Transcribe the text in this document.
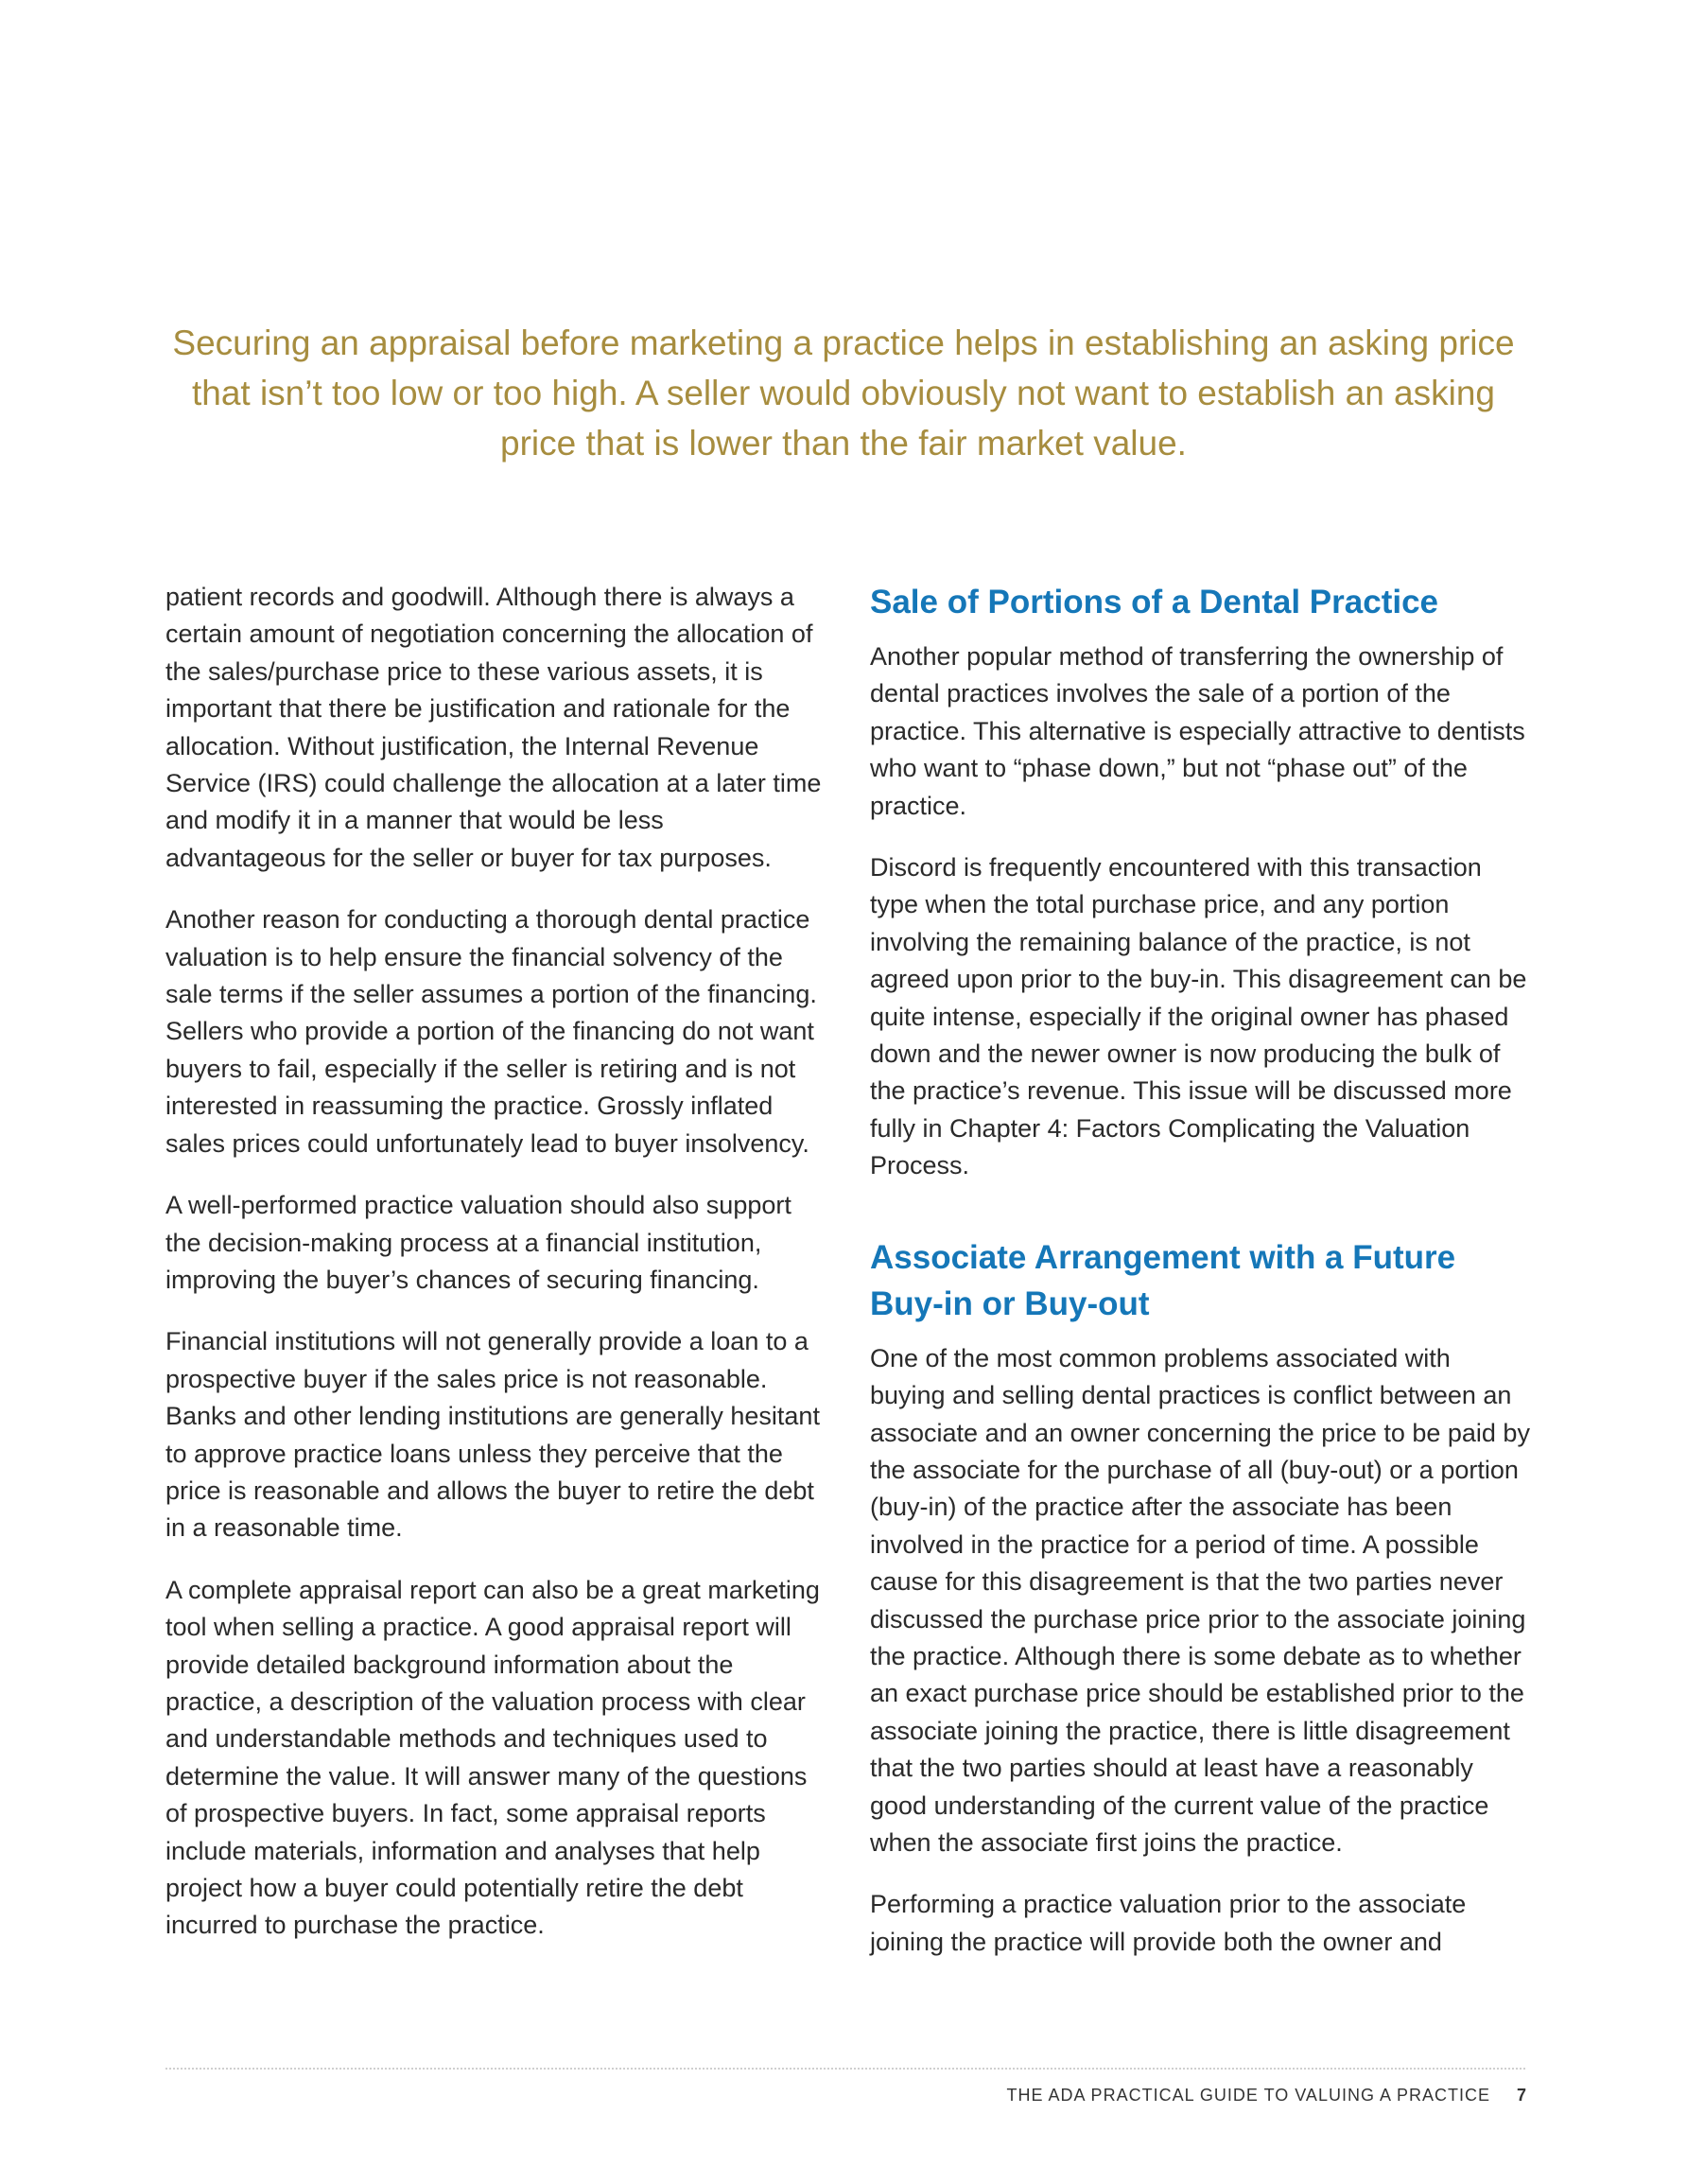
Securing an appraisal before marketing a practice helps in establishing an asking price that isn’t too low or too high. A seller would obviously not want to establish an asking price that is lower than the fair market value.

patient records and goodwill. Although there is always a certain amount of negotiation concerning the allocation of the sales/purchase price to these various assets, it is important that there be justification and rationale for the allocation. Without justification, the Internal Revenue Service (IRS) could challenge the allocation at a later time and modify it in a manner that would be less advantageous for the seller or buyer for tax purposes.

Another reason for conducting a thorough dental practice valuation is to help ensure the financial solvency of the sale terms if the seller assumes a portion of the financing. Sellers who provide a portion of the financing do not want buyers to fail, especially if the seller is retiring and is not interested in reassuming the practice. Grossly inflated sales prices could unfortunately lead to buyer insolvency.

A well-performed practice valuation should also support the decision-making process at a financial institution, improving the buyer’s chances of securing financing.

Financial institutions will not generally provide a loan to a prospective buyer if the sales price is not reasonable. Banks and other lending institutions are generally hesitant to approve practice loans unless they perceive that the price is reasonable and allows the buyer to retire the debt in a reasonable time.

A complete appraisal report can also be a great marketing tool when selling a practice. A good appraisal report will provide detailed background information about the practice, a description of the valuation process with clear and understandable methods and techniques used to determine the value. It will answer many of the questions of prospective buyers. In fact, some appraisal reports include materials, information and analyses that help project how a buyer could potentially retire the debt incurred to purchase the practice.

Sale of Portions of a Dental Practice

Another popular method of transferring the ownership of dental practices involves the sale of a portion of the practice. This alternative is especially attractive to dentists who want to “phase down,” but not “phase out” of the practice.

Discord is frequently encountered with this transaction type when the total purchase price, and any portion involving the remaining balance of the practice, is not agreed upon prior to the buy-in. This disagreement can be quite intense, especially if the original owner has phased down and the newer owner is now producing the bulk of the practice’s revenue. This issue will be discussed more fully in Chapter 4: Factors Complicating the Valuation Process.

Associate Arrangement with a Future Buy-in or Buy-out

One of the most common problems associated with buying and selling dental practices is conflict between an associate and an owner concerning the price to be paid by the associate for the purchase of all (buy-out) or a portion (buy-in) of the practice after the associate has been involved in the practice for a period of time. A possible cause for this disagreement is that the two parties never discussed the purchase price prior to the associate joining the practice. Although there is some debate as to whether an exact purchase price should be established prior to the associate joining the practice, there is little disagreement that the two parties should at least have a reasonably good understanding of the current value of the practice when the associate first joins the practice.

Performing a practice valuation prior to the associate joining the practice will provide both the owner and

THE ADA PRACTICAL GUIDE TO VALUING A PRACTICE 7
